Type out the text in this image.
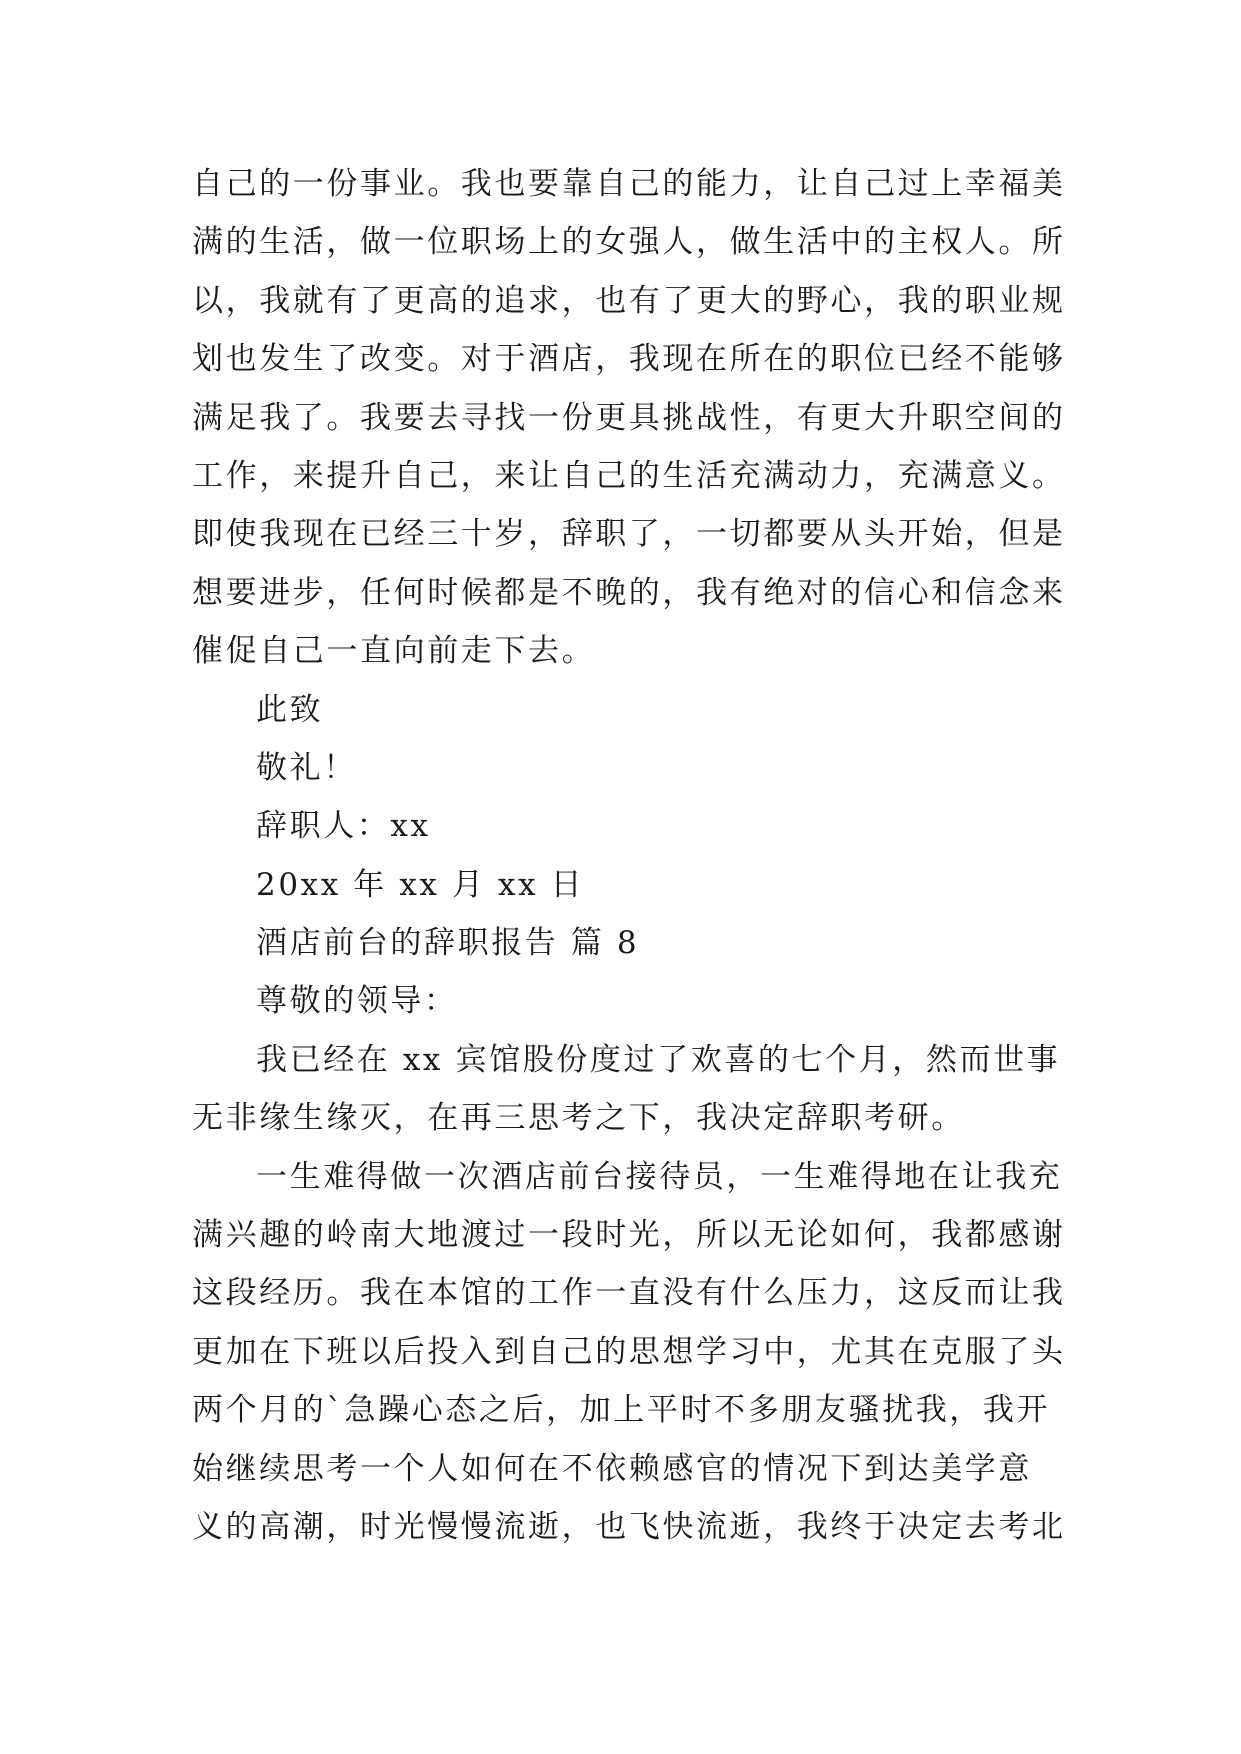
自己的一份事业。我也要靠自己的能力，让自己过上幸福美
满的生活，做一位职场上的女强人，做生活中的主权人。所
以，我就有了更高的追求，也有了更大的野心，我的职业规
划也发生了改变。对于酒店，我现在所在的职位已经不能够
满足我了。我要去寻找一份更具挑战性，有更大升职空间的
工作，来提升自己，来让自己的生活充满动力，充满意义。
即使我现在已经三十岁，辞职了，一切都要从头开始，但是
想要进步，任何时候都是不晚的，我有绝对的信心和信念来
催促自己一直向前走下去。
此致
敬礼！
辞职人：xx
20xx 年 xx 月 xx 日
酒店前台的辞职报告 篇 8
尊敬的领导：
我已经在 xx 宾馆股份度过了欢喜的七个月，然而世事
无非缘生缘灭，在再三思考之下，我决定辞职考研。
一生难得做一次酒店前台接待员，一生难得地在让我充
满兴趣的岭南大地渡过一段时光，所以无论如何，我都感谢
这段经历。我在本馆的工作一直没有什么压力，这反而让我
更加在下班以后投入到自己的思想学习中，尤其在克服了头
两个月的`急躁心态之后，加上平时不多朋友骚扰我，我开
始继续思考一个人如何在不依赖感官的情况下到达美学意
义的高潮，时光慢慢流逝，也飞快流逝，我终于决定去考北
